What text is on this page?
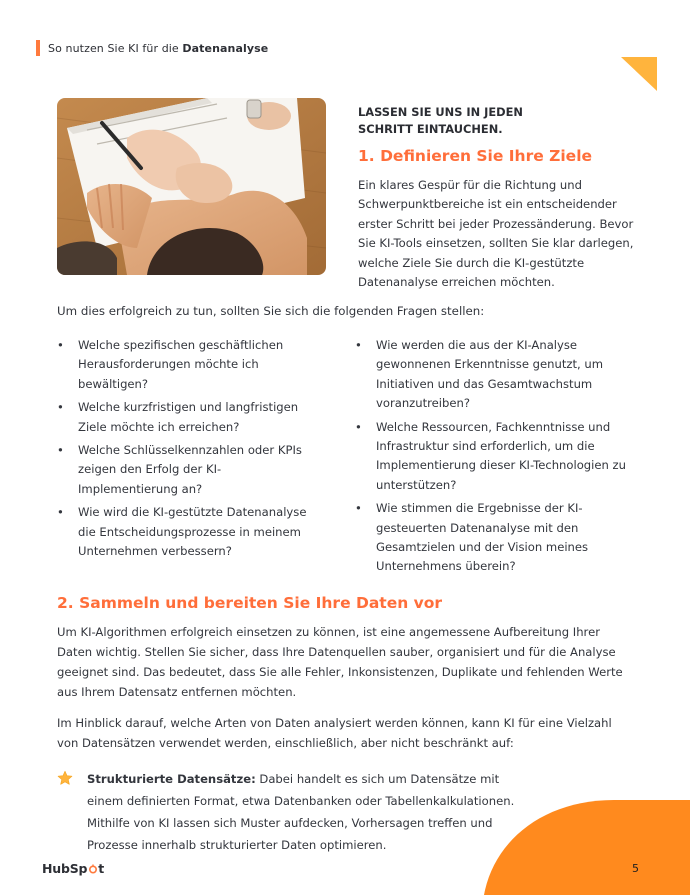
So nutzen Sie KI für die Datenanalyse
LASSEN SIE UNS IN JEDEN SCHRITT EINTAUCHEN.
1. Definieren Sie Ihre Ziele

Ein klares Gespür für die Richtung und Schwerpunktbereiche ist ein entscheidender erster Schritt bei jeder Prozessänderung. Bevor Sie KI-Tools einsetzen, sollten Sie klar darlegen, welche Ziele Sie durch die KI-gestützte Datenanalyse erreichen möchten.

Um dies erfolgreich zu tun, sollten Sie sich die folgenden Fragen stellen:
• Welche spezifischen geschäftlichen Herausforderungen möchte ich bewältigen?
• Welche kurzfristigen und langfristigen Ziele möchte ich erreichen?
• Welche Schlüsselkennzahlen oder KPIs zeigen den Erfolg der KI-Implementierung an?
• Wie wird die KI-gestützte Datenanalyse die Entscheidungsprozesse in meinem Unternehmen verbessern?
• Wie werden die aus der KI-Analyse gewonnenen Erkenntnisse genutzt, um Initiativen und das Gesamtwachstum voranzutreiben?
• Welche Ressourcen, Fachkenntnisse und Infrastruktur sind erforderlich, um die Implementierung dieser KI-Technologien zu unterstützen?
• Wie stimmen die Ergebnisse der KI-gesteuerten Datenanalyse mit den Gesamtzielen und der Vision meines Unternehmens überein?
2. Sammeln und bereiten Sie Ihre Daten vor
Um KI-Algorithmen erfolgreich einsetzen zu können, ist eine angemessene Aufbereitung Ihrer Daten wichtig. Stellen Sie sicher, dass Ihre Datenquellen sauber, organisiert und für die Analyse geeignet sind. Das bedeutet, dass Sie alle Fehler, Inkonsistenzen, Duplikate und fehlenden Werte aus Ihrem Datensatz entfernen möchten.
Im Hinblick darauf, welche Arten von Daten analysiert werden können, kann KI für eine Vielzahl von Datensätzen verwendet werden, einschließlich, aber nicht beschränkt auf:
Strukturierte Datensätze: Dabei handelt es sich um Datensätze mit einem definierten Format, etwa Datenbanken oder Tabellenkalkulationen. Mithilfe von KI lassen sich Muster aufdecken, Vorhersagen treffen und Prozesse innerhalb strukturierter Daten optimieren.
HubSp t	5
